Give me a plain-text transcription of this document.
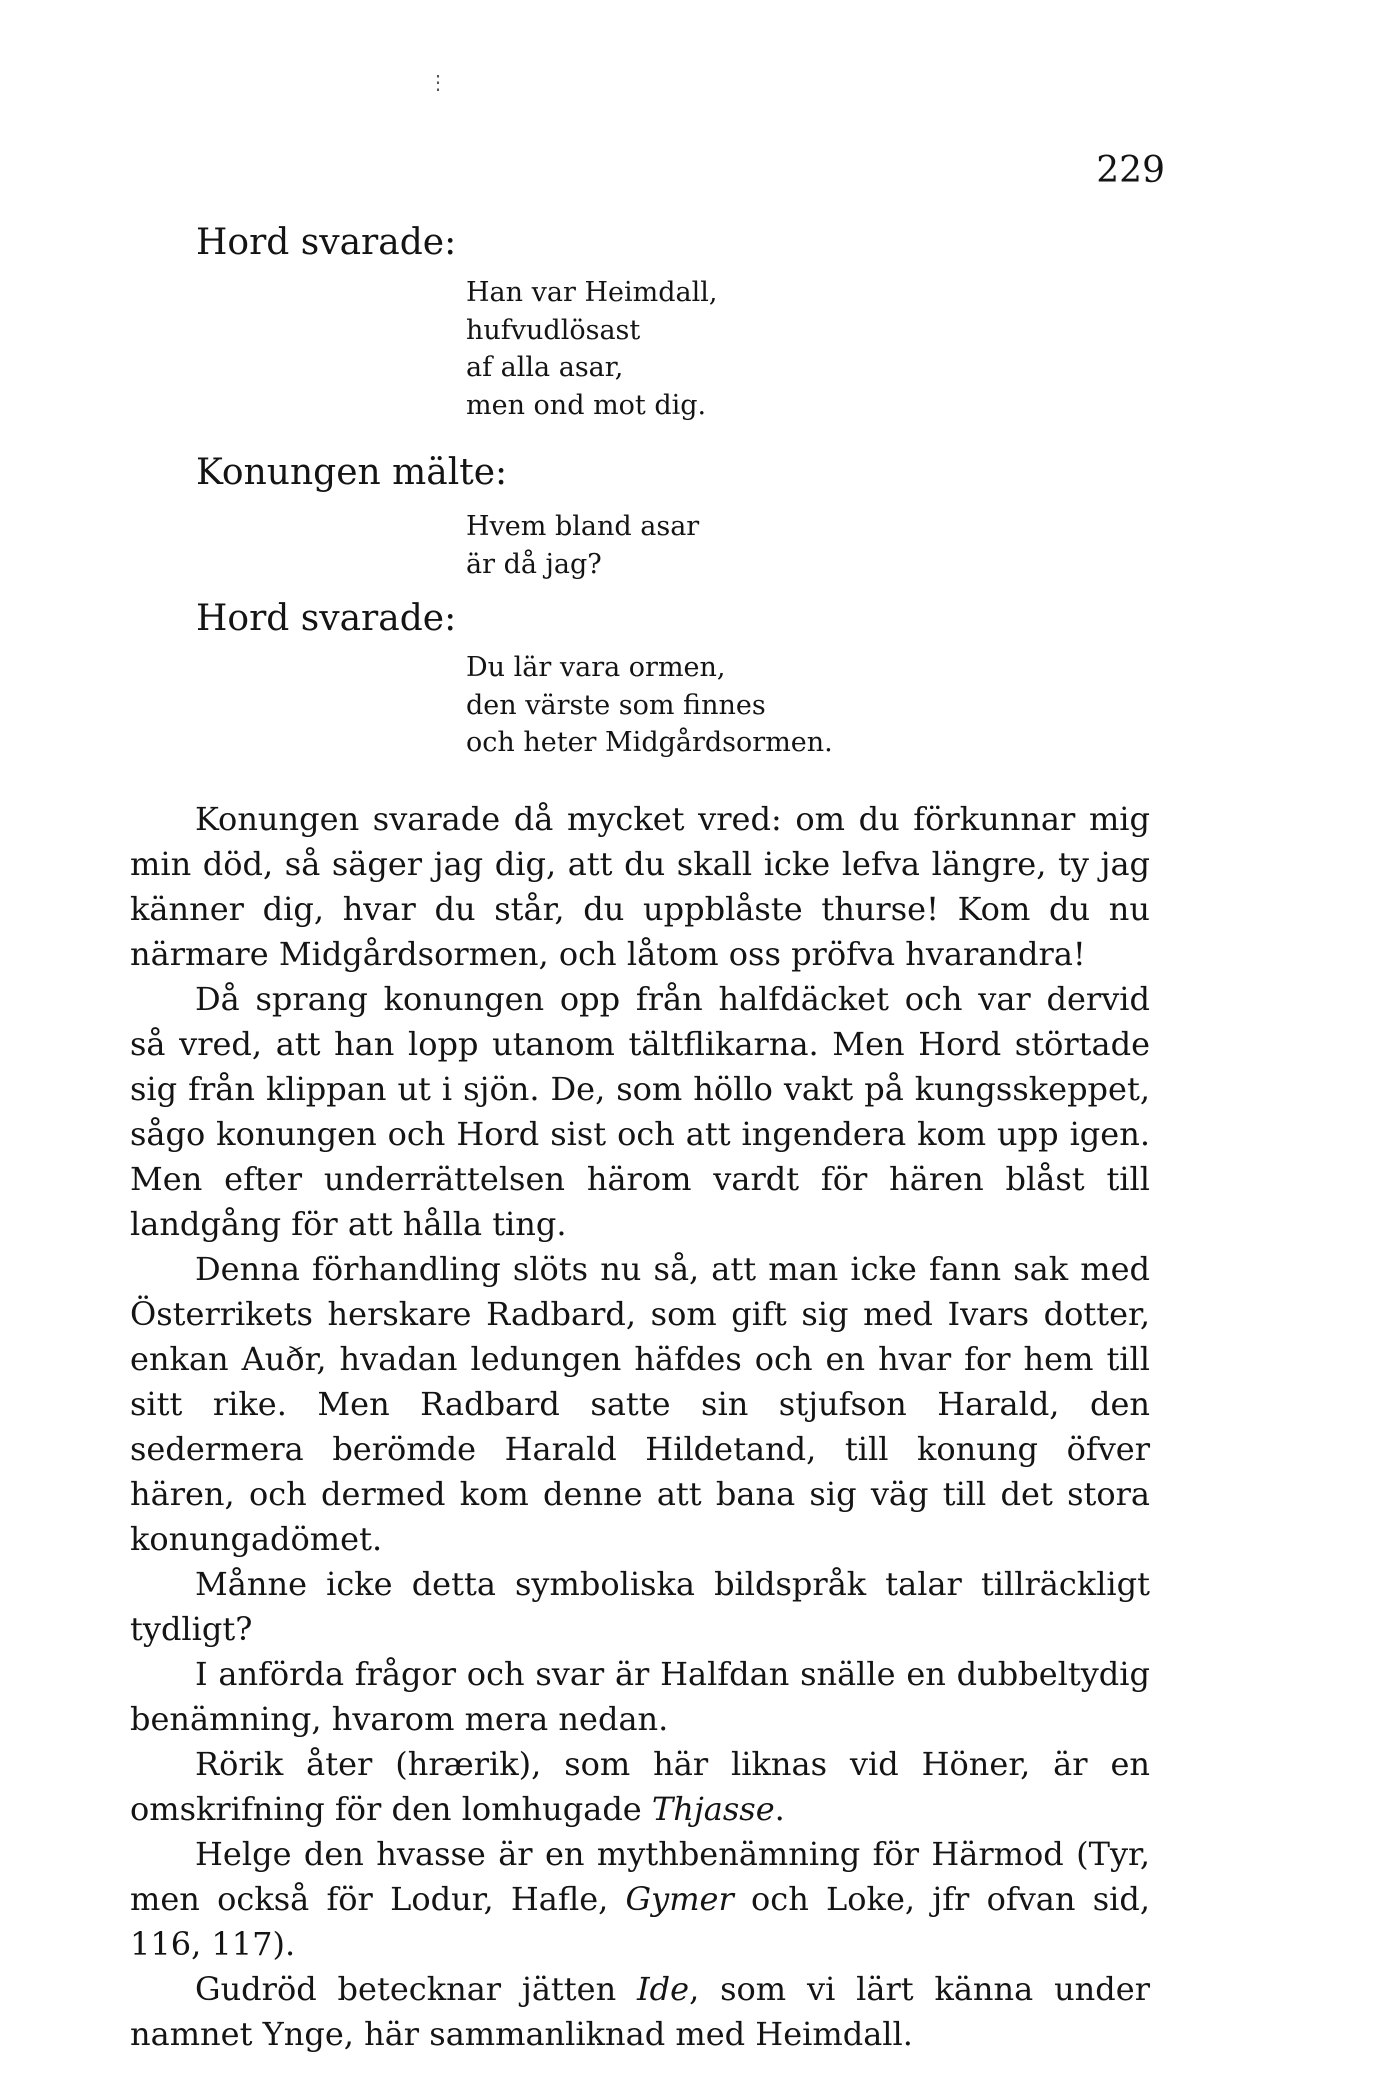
⋮
229
Hord svarade:
Han var Heimdall,
hufvudlösast
af alla asar,
men ond mot dig.
Konungen mälte:
Hvem bland asar
är då jag?
Hord svarade:
Du lär vara ormen,
den värste som finnes
och heter Midgårdsormen.

Konungen svarade då mycket vred: om du förkunnar mig min död, så säger jag dig, att du skall icke lefva längre, ty jag känner dig, hvar du står, du uppblåste thurse! Kom du nu närmare Midgårdsormen, och låtom oss pröfva hvarandra!

Då sprang konungen opp från halfdäcket och var dervid så vred, att han lopp utanom tältflikarna. Men Hord störtade sig från klippan ut i sjön. De, som höllo vakt på kungsskeppet, sågo konungen och Hord sist och att ingendera kom upp igen. Men efter underrättelsen härom vardt för hären blåst till landgång för att hålla ting.

Denna förhandling slöts nu så, att man icke fann sak med Österrikets herskare Radbard, som gift sig med Ivars dotter, enkan Auðr, hvadan ledungen häfdes och en hvar for hem till sitt rike. Men Radbard satte sin stjufson Harald, den sedermera berömde Harald Hildetand, till konung öfver hären, och dermed kom denne att bana sig väg till det stora konungadömet.

Månne icke detta symboliska bildspråk talar tillräckligt tydligt?

I anförda frågor och svar är Halfdan snälle en dubbeltydig benämning, hvarom mera nedan.

Rörik åter (hrærik), som här liknas vid Höner, är en omskrifning för den lomhugade Thjasse.

Helge den hvasse är en mythbenämning för Härmod (Tyr, men också för Lodur, Hafle, Gymer och Loke, jfr ofvan sid, 116, 117).

Gudröd betecknar jätten Ide, som vi lärt känna under namnet Ynge, här sammanliknad med Heimdall.
